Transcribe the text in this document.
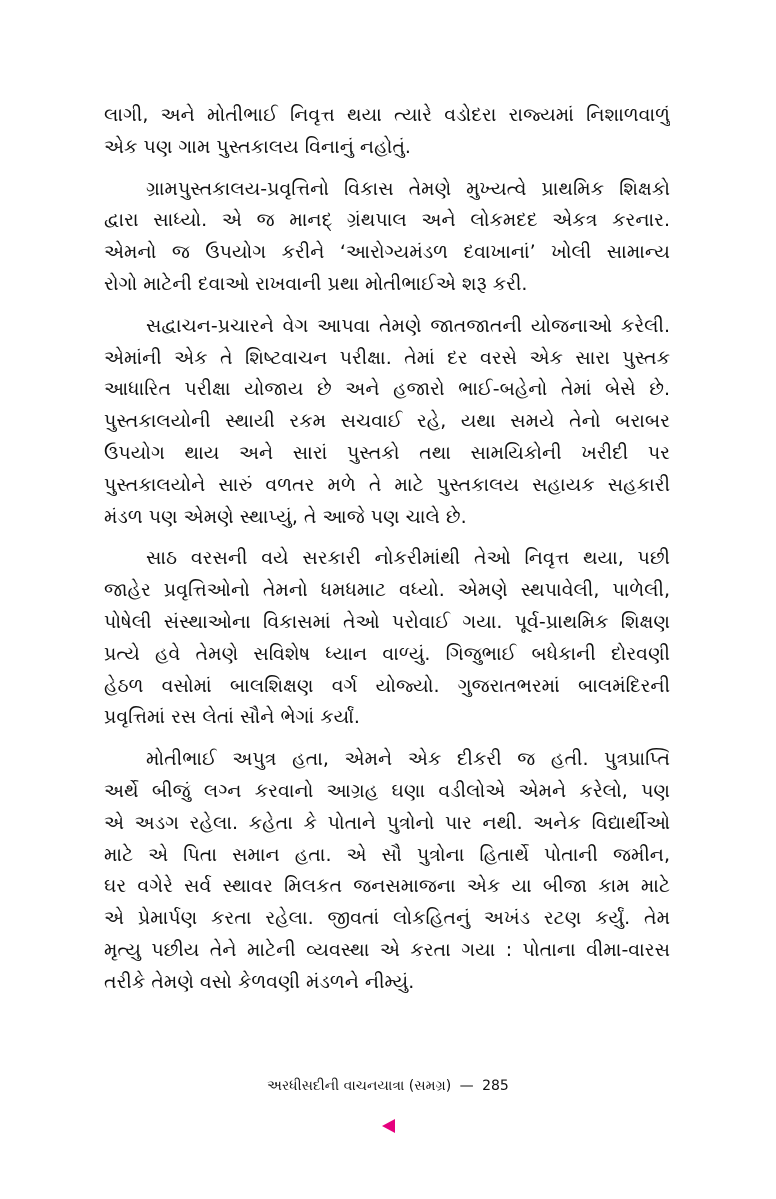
લાગી, અને મોતીભાઈ નિવૃત્ત થયા ત્યારે વડોદરા રાજ્યમાં નિશાળવાળું
એક પણ ગામ પુસ્તકાલય વિનાનું નહોતું.
ગ્રામપુસ્તકાલય-પ્રવૃત્તિનો વિકાસ તેમણે મુખ્યત્વે પ્રાથમિક શિક્ષકો
દ્વારા સાધ્યો. એ જ માનદ્ ગ્રંથપાલ અને લોકમદદ એકત્ર કરનાર.
એમનો જ ઉપયોગ કરીને ‘આરોગ્યમંડળ દવાખાનાં’ ખોલી સામાન્ય
રોગો માટેની દવાઓ રાખવાની પ્રથા મોતીભાઈએ શરૂ કરી.
સદ્વાચન-પ્રચારને વેગ આપવા તેમણે જાતજાતની યોજનાઓ કરેલી.
એમાંની એક તે શિષ્ટવાચન પરીક્ષા. તેમાં દર વરસે એક સારા પુસ્તક
આધારિત પરીક્ષા યોજાય છે અને હજારો ભાઈ-બહેનો તેમાં બેસે છે.
પુસ્તકાલયોની સ્થાયી રકમ સચવાઈ રહે, યથા સમયે તેનો બરાબર
ઉપયોગ થાય અને સારાં પુસ્તકો તથા સામયિકોની ખરીદી પર
પુસ્તકાલયોને સારું વળતર મળે તે માટે પુસ્તકાલય સહાયક સહકારી
મંડળ પણ એમણે સ્થાપ્યું, તે આજે પણ ચાલે છે.
સાઠ વરસની વયે સરકારી નોકરીમાંથી તેઓ નિવૃત્ત થયા, પછી
જાહેર પ્રવૃત્તિઓનો તેમનો ધમધમાટ વધ્યો. એમણે સ્થપાવેલી, પાળેલી,
પોષેલી સંસ્થાઓના વિકાસમાં તેઓ પરોવાઈ ગયા. પૂર્વ-પ્રાથમિક શિક્ષણ
પ્રત્યે હવે તેમણે સવિશેષ ધ્યાન વાળ્યું. ગિજુભાઈ બધેકાની દોરવણી
હેઠળ વસોમાં બાલશિક્ષણ વર્ગ યોજ્યો. ગુજરાતભરમાં બાલમંદિરની
પ્રવૃત્તિમાં રસ લેતાં સૌને ભેગાં કર્યાં.
મોતીભાઈ અપુત્ર હતા, એમને એક દીકરી જ હતી. પુત્રપ્રાપ્તિ
અર્થે બીજું લગ્ન કરવાનો આગ્રહ ઘણા વડીલોએ એમને કરેલો, પણ
એ અડગ રહેલા. કહેતા કે પોતાને પુત્રોનો પાર નથી. અનેક વિદ્યાર્થીઓ
માટે એ પિતા સમાન હતા. એ સૌ પુત્રોના હિતાર્થે પોતાની જમીન,
ઘર વગેરે સર્વ સ્થાવર મિલકત જનસમાજના એક યા બીજા કામ માટે
એ પ્રેમાર્પણ કરતા રહેલા. જીવતાં લોકહિતનું અખંડ રટણ કર્યું. તેમ
મૃત્યુ પછીય તેને માટેની વ્યવસ્થા એ કરતા ગયા : પોતાના વીમા-વારસ
તરીકે તેમણે વસો કેળવણી મંડળને નીમ્યું.
અરધીસદીની વાચનયાત્રા (સમગ્ર) — 285
